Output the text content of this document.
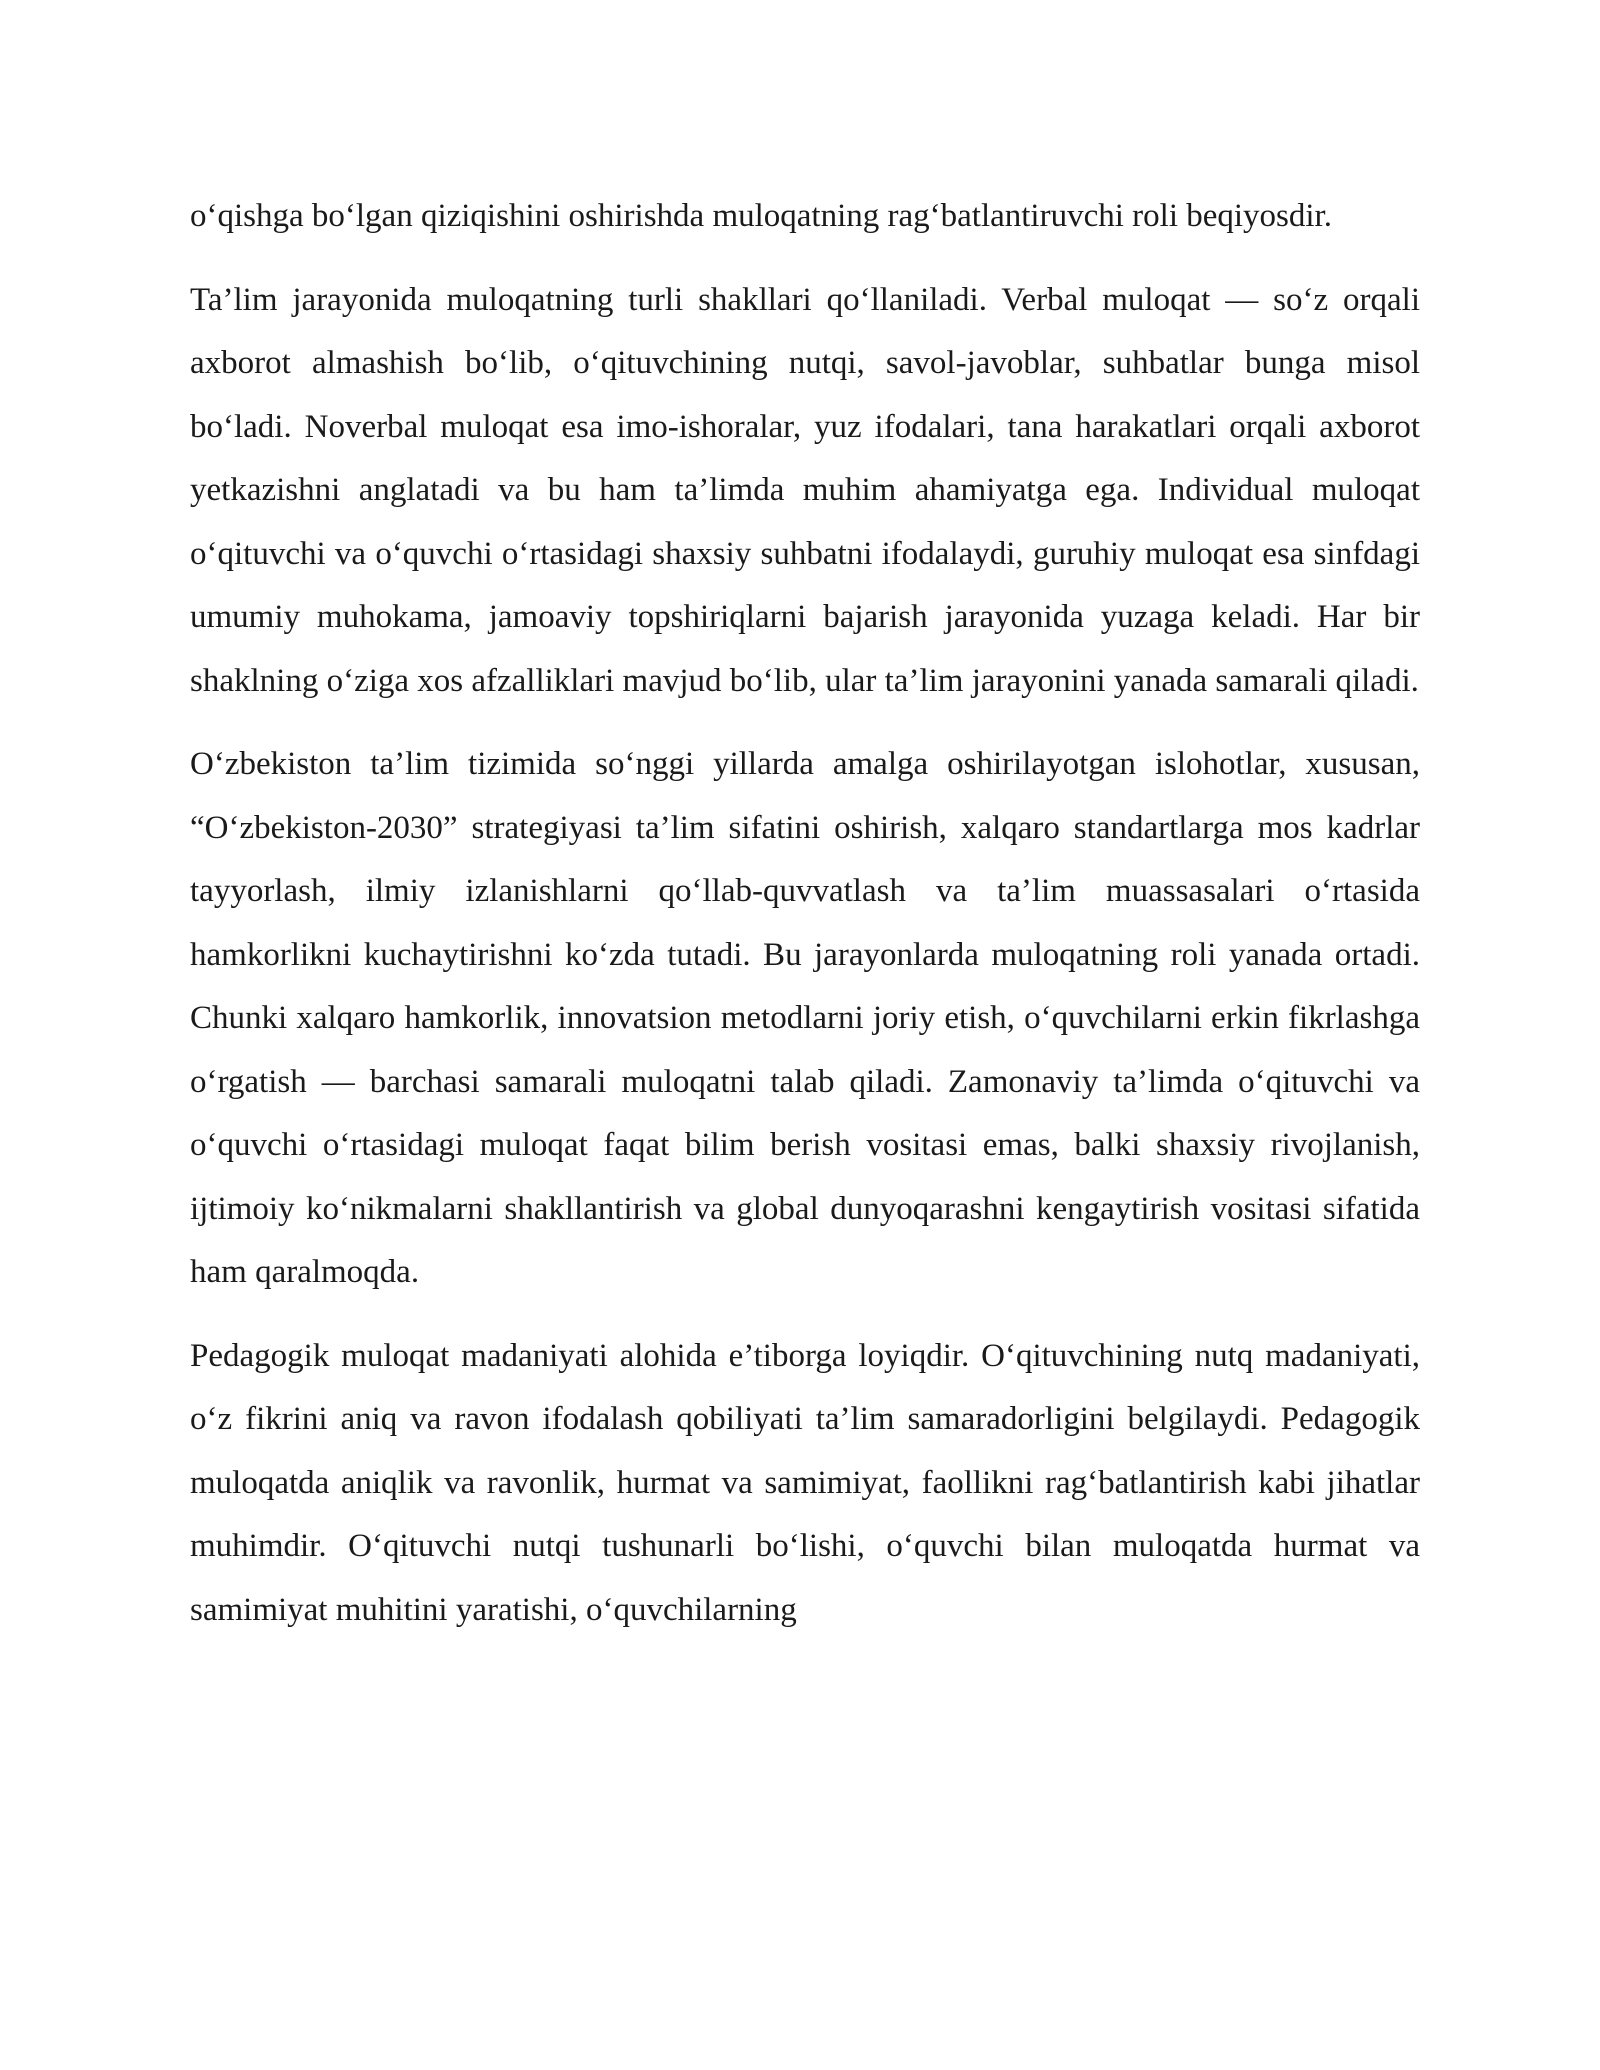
o‘qishga bo‘lgan qiziqishini oshirishda muloqatning rag‘batlantiruvchi roli beqiyosdir.

Ta’lim jarayonida muloqatning turli shakllari qo‘llaniladi. Verbal muloqat — so‘z orqali axborot almashish bo‘lib, o‘qituvchining nutqi, savol-javoblar, suhbatlar bunga misol bo‘ladi. Noverbal muloqat esa imo-ishoralar, yuz ifodalari, tana harakatlari orqali axborot yetkazishni anglatadi va bu ham ta’limda muhim ahamiyatga ega. Individual muloqat o‘qituvchi va o‘quvchi o‘rtasidagi shaxsiy suhbatni ifodalaydi, guruhiy muloqat esa sinfdagi umumiy muhokama, jamoaviy topshiriqlarni bajarish jarayonida yuzaga keladi. Har bir shaklning o‘ziga xos afzalliklari mavjud bo‘lib, ular ta’lim jarayonini yanada samarali qiladi.

O‘zbekiston ta’lim tizimida so‘nggi yillarda amalga oshirilayotgan islohotlar, xususan, “O‘zbekiston-2030” strategiyasi ta’lim sifatini oshirish, xalqaro standartlarga mos kadrlar tayyorlash, ilmiy izlanishlarni qo‘llab-quvvatlash va ta’lim muassasalari o‘rtasida hamkorlikni kuchaytirishni ko‘zda tutadi. Bu jarayonlarda muloqatning roli yanada ortadi. Chunki xalqaro hamkorlik, innovatsion metodlarni joriy etish, o‘quvchilarni erkin fikrlashga o‘rgatish — barchasi samarali muloqatni talab qiladi. Zamonaviy ta’limda o‘qituvchi va o‘quvchi o‘rtasidagi muloqat faqat bilim berish vositasi emas, balki shaxsiy rivojlanish, ijtimoiy ko‘nikmalarni shakllantirish va global dunyoqarashni kengaytirish vositasi sifatida ham qaralmoqda.

Pedagogik muloqat madaniyati alohida e’tiborga loyiqdir. O‘qituvchining nutq madaniyati, o‘z fikrini aniq va ravon ifodalash qobiliyati ta’lim samaradorligini belgilaydi. Pedagogik muloqatda aniqlik va ravonlik, hurmat va samimiyat, faollikni rag‘batlantirish kabi jihatlar muhimdir. O‘qituvchi nutqi tushunarli bo‘lishi, o‘quvchi bilan muloqatda hurmat va samimiyat muhitini yaratishi, o‘quvchilarning
